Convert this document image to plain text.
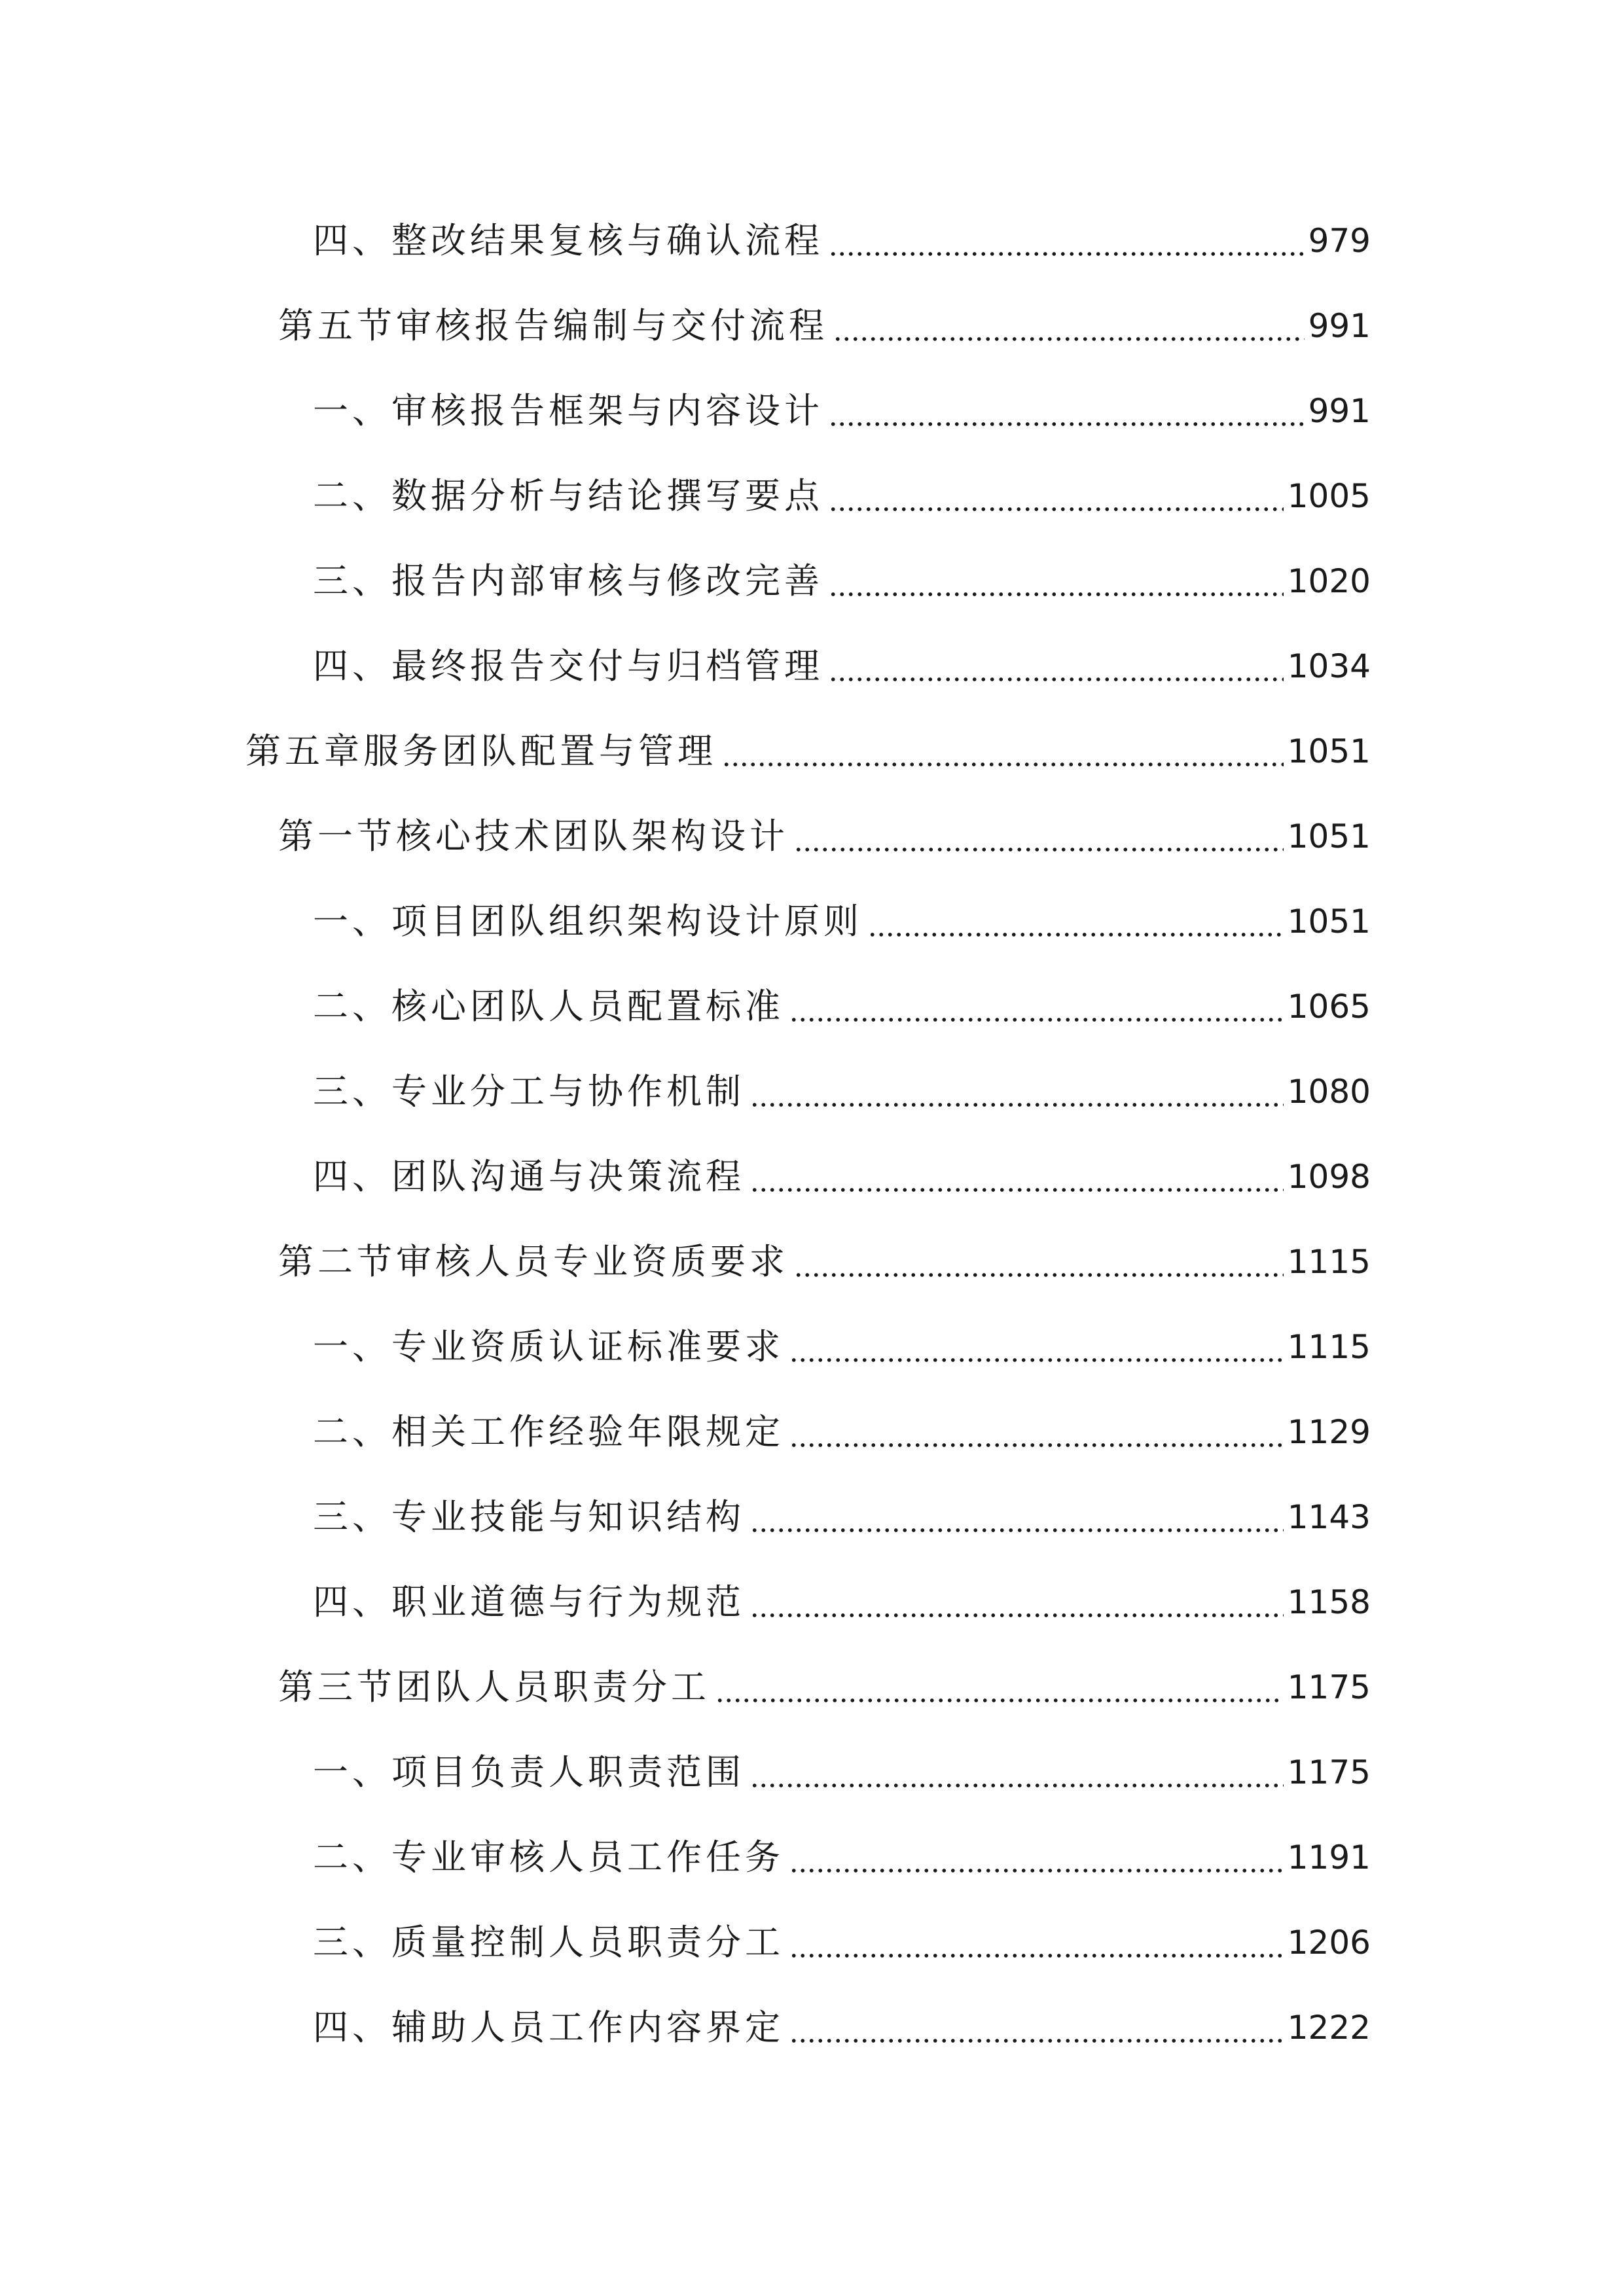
四、整改结果复核与确认流程	979
第五节审核报告编制与交付流程	991
一、审核报告框架与内容设计	991
二、数据分析与结论撰写要点	1005
三、报告内部审核与修改完善	1020
四、最终报告交付与归档管理	1034
第五章服务团队配置与管理	1051
第一节核心技术团队架构设计	1051
一、项目团队组织架构设计原则	1051
二、核心团队人员配置标准	1065
三、专业分工与协作机制	1080
四、团队沟通与决策流程	1098
第二节审核人员专业资质要求	1115
一、专业资质认证标准要求	1115
二、相关工作经验年限规定	1129
三、专业技能与知识结构	1143
四、职业道德与行为规范	1158
第三节团队人员职责分工	1175
一、项目负责人职责范围	1175
二、专业审核人员工作任务	1191
三、质量控制人员职责分工	1206
四、辅助人员工作内容界定	1222
